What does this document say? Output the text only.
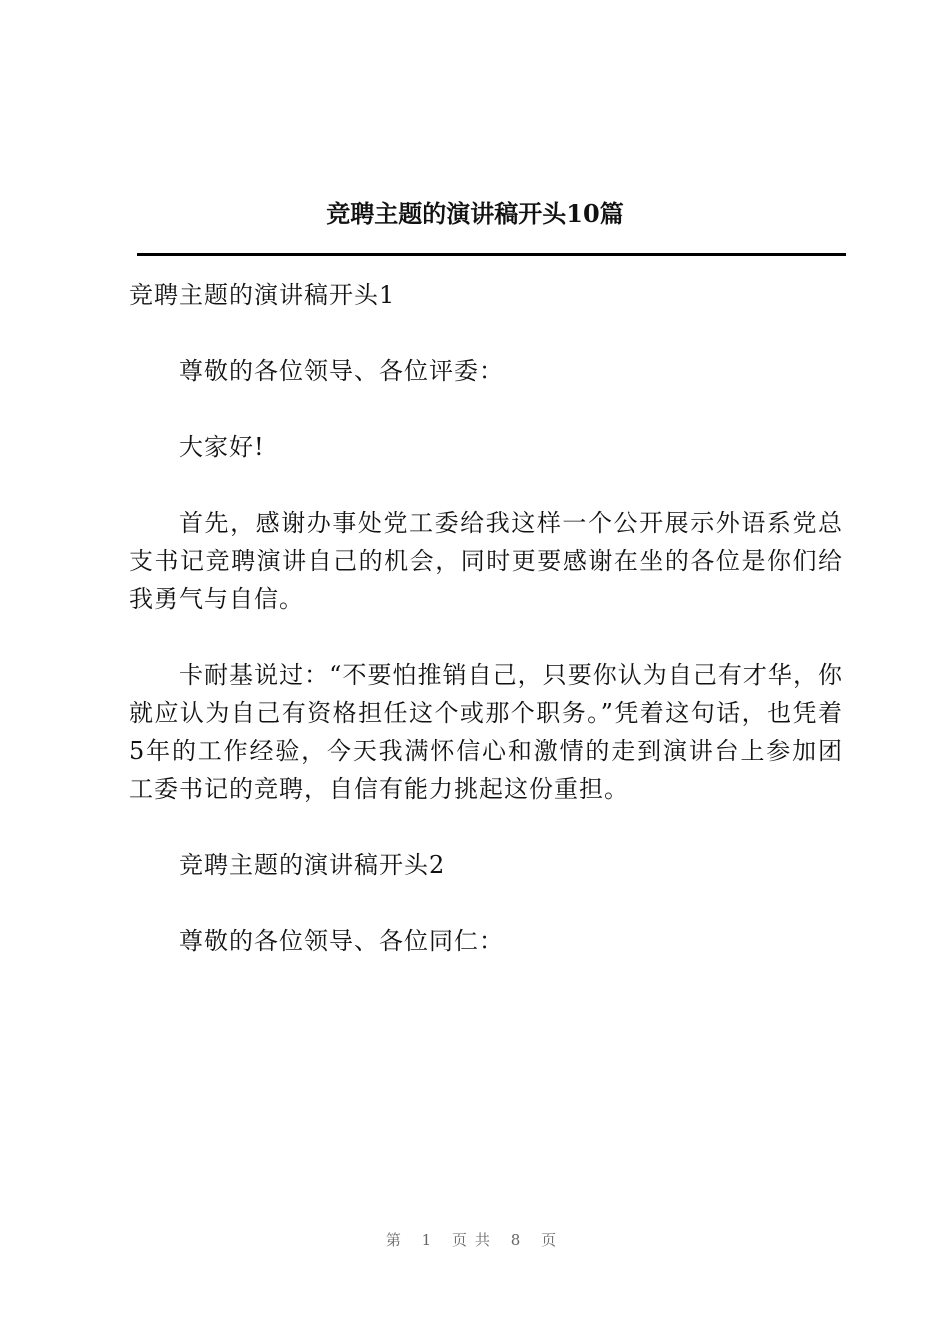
竞聘主题的演讲稿开头10篇

竞聘主题的演讲稿开头1

尊敬的各位领导、各位评委：

大家好!

首先，感谢办事处党工委给我这样一个公开展示外语系党总支书记竞聘演讲自己的机会，同时更要感谢在坐的各位是你们给我勇气与自信。

卡耐基说过：“不要怕推销自己，只要你认为自己有才华，你就应认为自己有资格担任这个或那个职务。”凭着这句话，也凭着5年的工作经验，今天我满怀信心和激情的走到演讲台上参加团工委书记的竞聘，自信有能力挑起这份重担。

竞聘主题的演讲稿开头2

尊敬的各位领导、各位同仁：

第 1 页共 8 页
